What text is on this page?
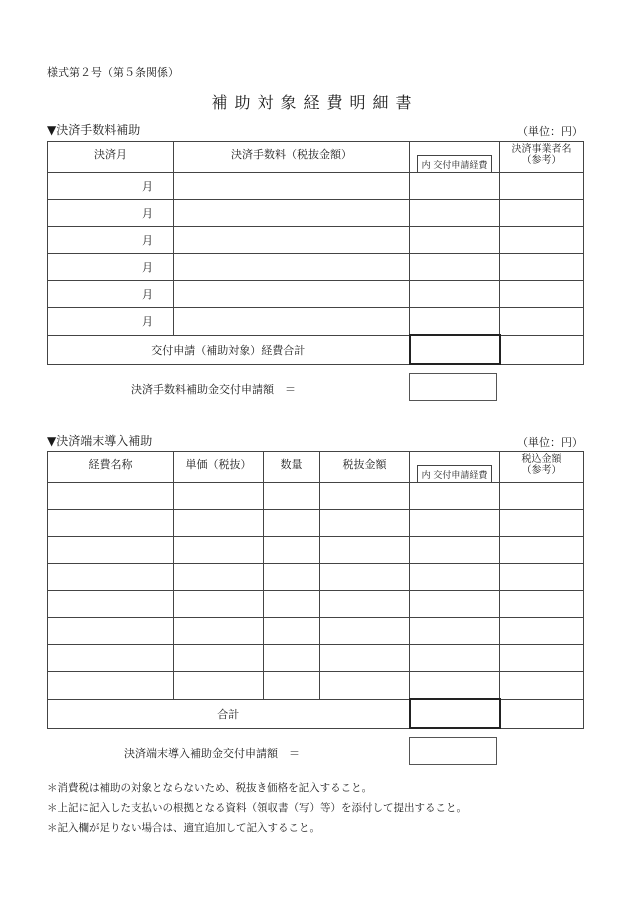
様式第２号（第５条関係）
補助対象経費明細書
▼決済手数料補助	（単位：円）
決済月	決済手数料（税抜金額）	内 交付申請経費	決済事業者名
（参考）

月			
月			
月			
月			
月			
月			
交付申請（補助対象）経費合計			
決済手数料補助金交付申請額　＝
▼決済端末導入補助	（単位：円）
経費名称	単価（税抜）	数量	税抜金額	内 交付申請経費	税込金額
（参考）

合計					
決済端末導入補助金交付申請額　＝
＊消費税は補助の対象とならないため、税抜き価格を記入すること。
＊上記に記入した支払いの根拠となる資料（領収書（写）等）を添付して提出すること。
＊記入欄が足りない場合は、適宜追加して記入すること。
